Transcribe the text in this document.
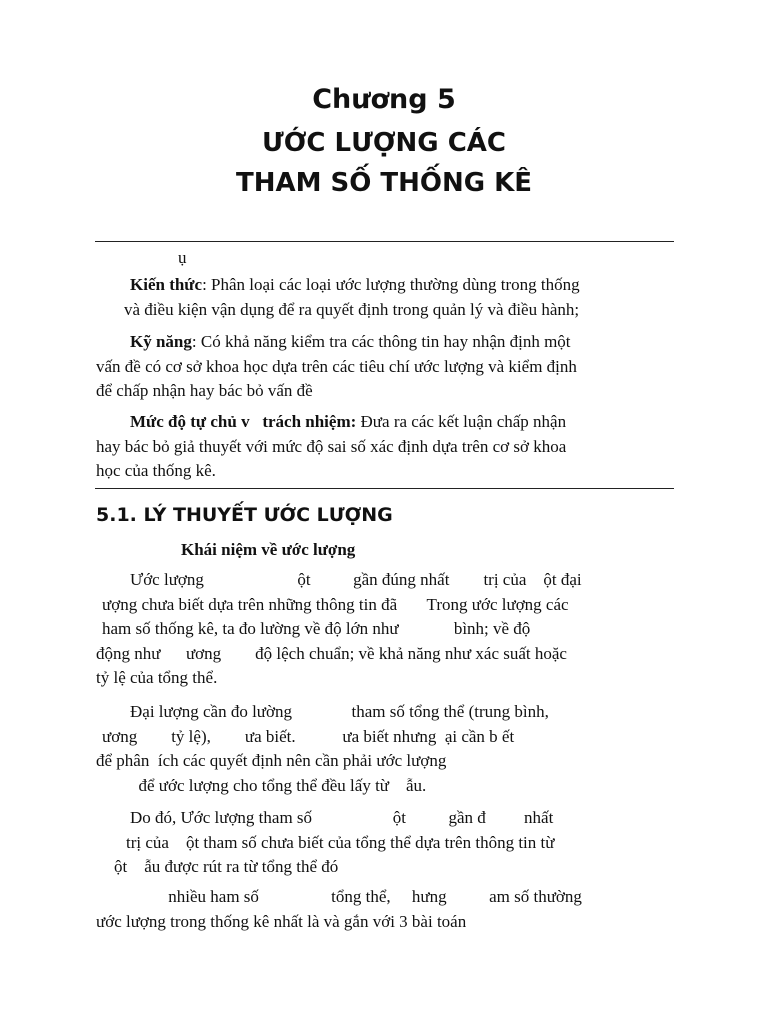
Chương 5
ƯỚC LƯỢNG CÁC
THAM SỐ THỐNG KÊ
ụ
Kiến thức: Phân loại các loại ước lượng thường dùng trong thống
và điều kiện vận dụng để ra quyết định trong quản lý và điều hành;
Kỹ năng: Có khả năng kiểm tra các thông tin hay nhận định một
vấn đề có cơ sở khoa học dựa trên các tiêu chí ước lượng và kiểm định
để chấp nhận hay bác bỏ vấn đề
Mức độ tự chủ v   trách nhiệm: Đưa ra các kết luận chấp nhận
hay bác bỏ giả thuyết với mức độ sai số xác định dựa trên cơ sở khoa
học của thống kê.
5.1. LÝ THUYẾT ƯỚC LƯỢNG
Khái niệm về ước lượng
Ước lượng                      ột          gần đúng nhất        trị của    ột đại
ượng chưa biết dựa trên những thông tin đã       Trong ước lượng các
ham số thống kê, ta đo lường về độ lớn như             bình; về độ
động như      ương        độ lệch chuẩn; về khả năng như xác suất hoặc
tỷ lệ của tổng thể.
Đại lượng cần đo lường              tham số tổng thể (trung bình,
ương        tỷ lệ),        ưa biết.           ưa biết nhưng  ại cần b ết
để phân  ích các quyết định nên cần phải ước lượng
để ước lượng cho tổng thể đều lấy từ    ẫu.
Do đó, Ước lượng tham số                   ột          gần đ         nhất
trị của    ột tham số chưa biết của tổng thể dựa trên thông tin từ
ột    ẫu được rút ra từ tổng thể đó
nhiều ham số                 tổng thể,     hưng          am số thường
ước lượng trong thống kê nhất là và gắn với 3 bài toán
